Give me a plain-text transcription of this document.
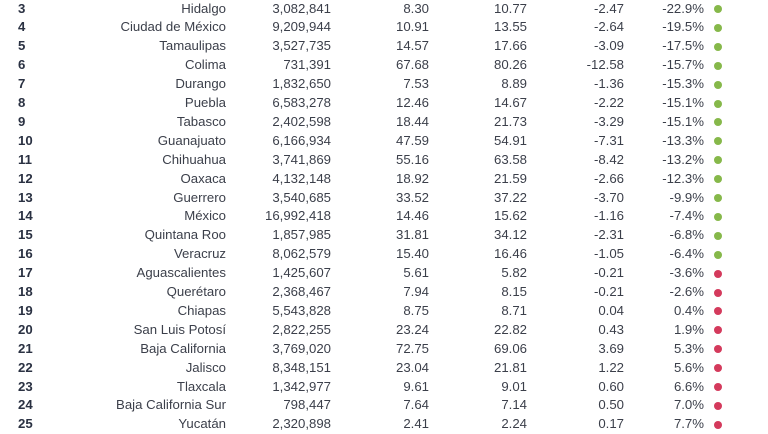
3	Hidalgo	3,082,841	8.30	10.77	-2.47	-22.9%
4	Ciudad de México	9,209,944	10.91	13.55	-2.64	-19.5%
5	Tamaulipas	3,527,735	14.57	17.66	-3.09	-17.5%
6	Colima	731,391	67.68	80.26	-12.58	-15.7%
7	Durango	1,832,650	7.53	8.89	-1.36	-15.3%
8	Puebla	6,583,278	12.46	14.67	-2.22	-15.1%
9	Tabasco	2,402,598	18.44	21.73	-3.29	-15.1%
10	Guanajuato	6,166,934	47.59	54.91	-7.31	-13.3%
11	Chihuahua	3,741,869	55.16	63.58	-8.42	-13.2%
12	Oaxaca	4,132,148	18.92	21.59	-2.66	-12.3%
13	Guerrero	3,540,685	33.52	37.22	-3.70	-9.9%
14	México	16,992,418	14.46	15.62	-1.16	-7.4%
15	Quintana Roo	1,857,985	31.81	34.12	-2.31	-6.8%
16	Veracruz	8,062,579	15.40	16.46	-1.05	-6.4%
17	Aguascalientes	1,425,607	5.61	5.82	-0.21	-3.6%
18	Querétaro	2,368,467	7.94	8.15	-0.21	-2.6%
19	Chiapas	5,543,828	8.75	8.71	0.04	0.4%
20	San Luis Potosí	2,822,255	23.24	22.82	0.43	1.9%
21	Baja California	3,769,020	72.75	69.06	3.69	5.3%
22	Jalisco	8,348,151	23.04	21.81	1.22	5.6%
23	Tlaxcala	1,342,977	9.61	9.01	0.60	6.6%
24	Baja California Sur	798,447	7.64	7.14	0.50	7.0%
25	Yucatán	2,320,898	2.41	2.24	0.17	7.7%
